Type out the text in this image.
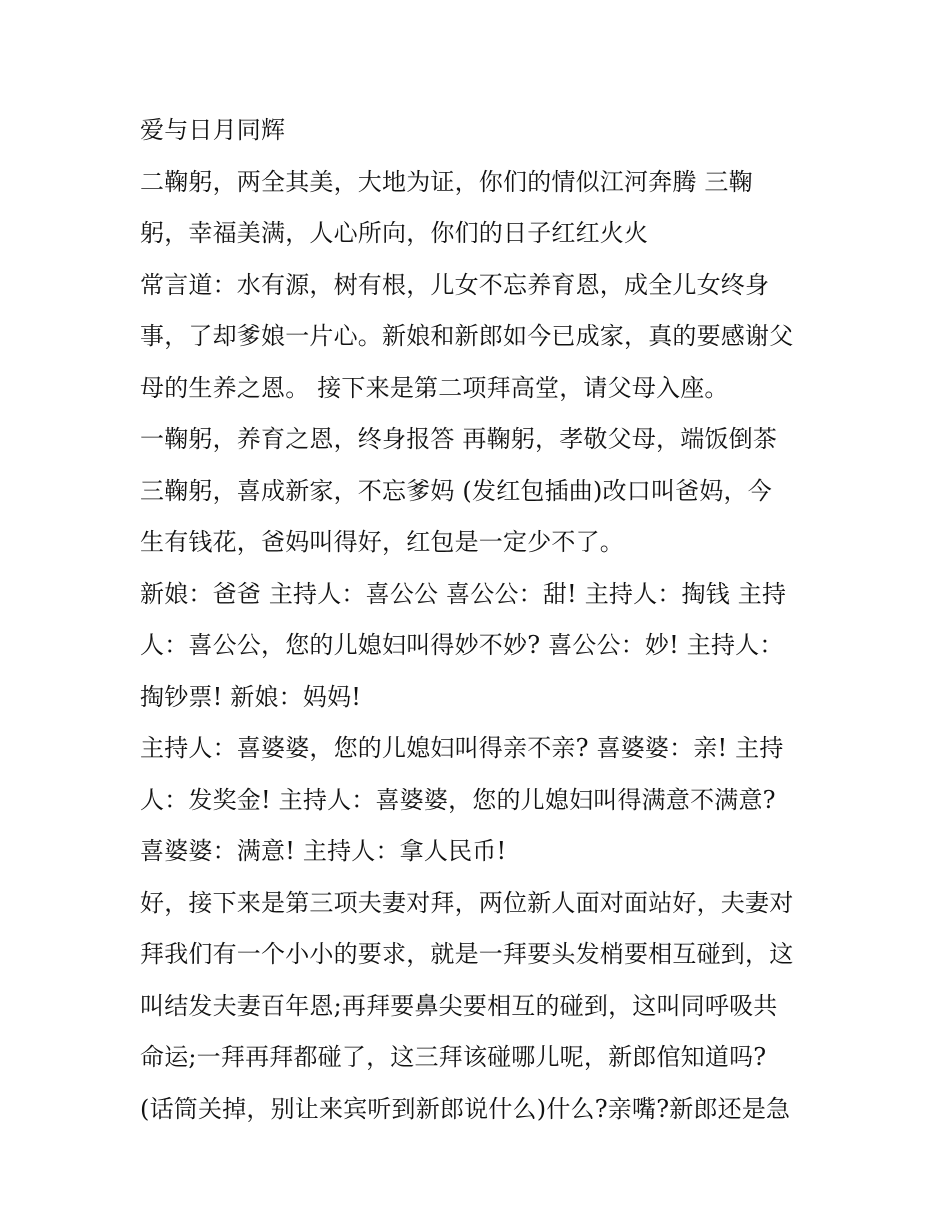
爱与日月同辉
二鞠躬，两全其美，大地为证，你们的情似江河奔腾 三鞠
躬，幸福美满，人心所向，你们的日子红红火火
常言道：水有源，树有根，儿女不忘养育恩，成全儿女终身
事，了却爹娘一片心。新娘和新郎如今已成家，真的要感谢父
母的生养之恩。 接下来是第二项拜高堂，请父母入座。
一鞠躬，养育之恩，终身报答 再鞠躬，孝敬父母，端饭倒茶
三鞠躬，喜成新家，不忘爹妈 (发红包插曲)改口叫爸妈，今
生有钱花，爸妈叫得好，红包是一定少不了。
新娘：爸爸 主持人：喜公公 喜公公：甜! 主持人：掏钱 主持
人：喜公公，您的儿媳妇叫得妙不妙? 喜公公：妙! 主持人：
掏钞票! 新娘：妈妈!
主持人：喜婆婆，您的儿媳妇叫得亲不亲? 喜婆婆：亲! 主持
人：发奖金! 主持人：喜婆婆，您的儿媳妇叫得满意不满意?
喜婆婆：满意! 主持人：拿人民币!
好，接下来是第三项夫妻对拜，两位新人面对面站好，夫妻对
拜我们有一个小小的要求，就是一拜要头发梢要相互碰到，这
叫结发夫妻百年恩;再拜要鼻尖要相互的碰到，这叫同呼吸共
命运;一拜再拜都碰了，这三拜该碰哪儿呢，新郎倌知道吗?
(话筒关掉，别让来宾听到新郎说什么)什么?亲嘴?新郎还是急
